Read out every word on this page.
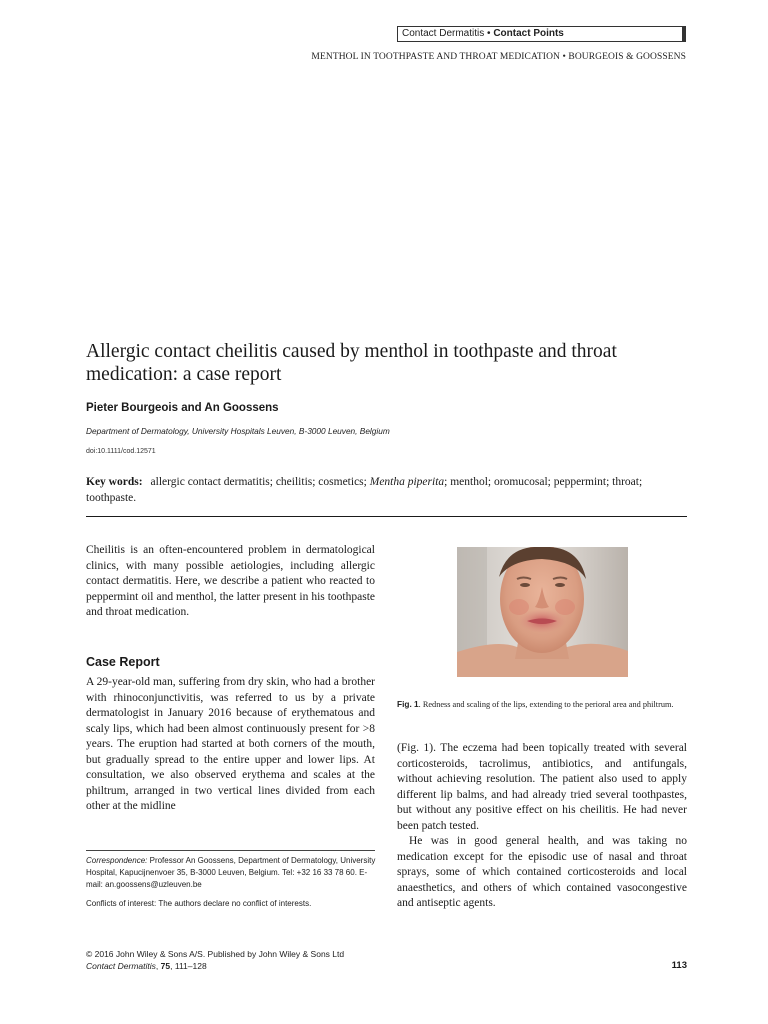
Contact Dermatitis • Contact Points
MENTHOL IN TOOTHPASTE AND THROAT MEDICATION • BOURGEOIS & GOOSSENS
Allergic contact cheilitis caused by menthol in toothpaste and throat medication: a case report
Pieter Bourgeois and An Goossens
Department of Dermatology, University Hospitals Leuven, B-3000 Leuven, Belgium
doi:10.1111/cod.12571
Key words: allergic contact dermatitis; cheilitis; cosmetics; Mentha piperita; menthol; oromucosal; peppermint; throat; toothpaste.
Cheilitis is an often-encountered problem in dermatological clinics, with many possible aetiologies, including allergic contact dermatitis. Here, we describe a patient who reacted to peppermint oil and menthol, the latter present in his toothpaste and throat medication.
Case Report
A 29-year-old man, suffering from dry skin, who had a brother with rhinoconjunctivitis, was referred to us by a private dermatologist in January 2016 because of erythematous and scaly lips, which had been almost continuously present for >8 years. The eruption had started at both corners of the mouth, but gradually spread to the entire upper and lower lips. At consultation, we also observed erythema and scales at the philtrum, arranged in two vertical lines divided from each other at the midline
Correspondence: Professor An Goossens, Department of Dermatology, University Hospital, Kapucijnenvoer 35, B-3000 Leuven, Belgium. Tel: +32 16 33 78 60. E-mail: an.goossens@uzleuven.be
Conflicts of interest: The authors declare no conflict of interests.
Fig. 1. Redness and scaling of the lips, extending to the perioral area and philtrum.
(Fig. 1). The eczema had been topically treated with several corticosteroids, tacrolimus, antibiotics, and antifungals, without achieving resolution. The patient also used to apply different lip balms, and had already tried several toothpastes, but without any positive effect on his cheilitis. He had never been patch tested.
He was in good general health, and was taking no medication except for the episodic use of nasal and throat sprays, some of which contained corticosteroids and local anaesthetics, and others of which contained vasocongestive and antiseptic agents.
© 2016 John Wiley & Sons A/S. Published by John Wiley & Sons Ltd
Contact Dermatitis, 75, 111–128	113
